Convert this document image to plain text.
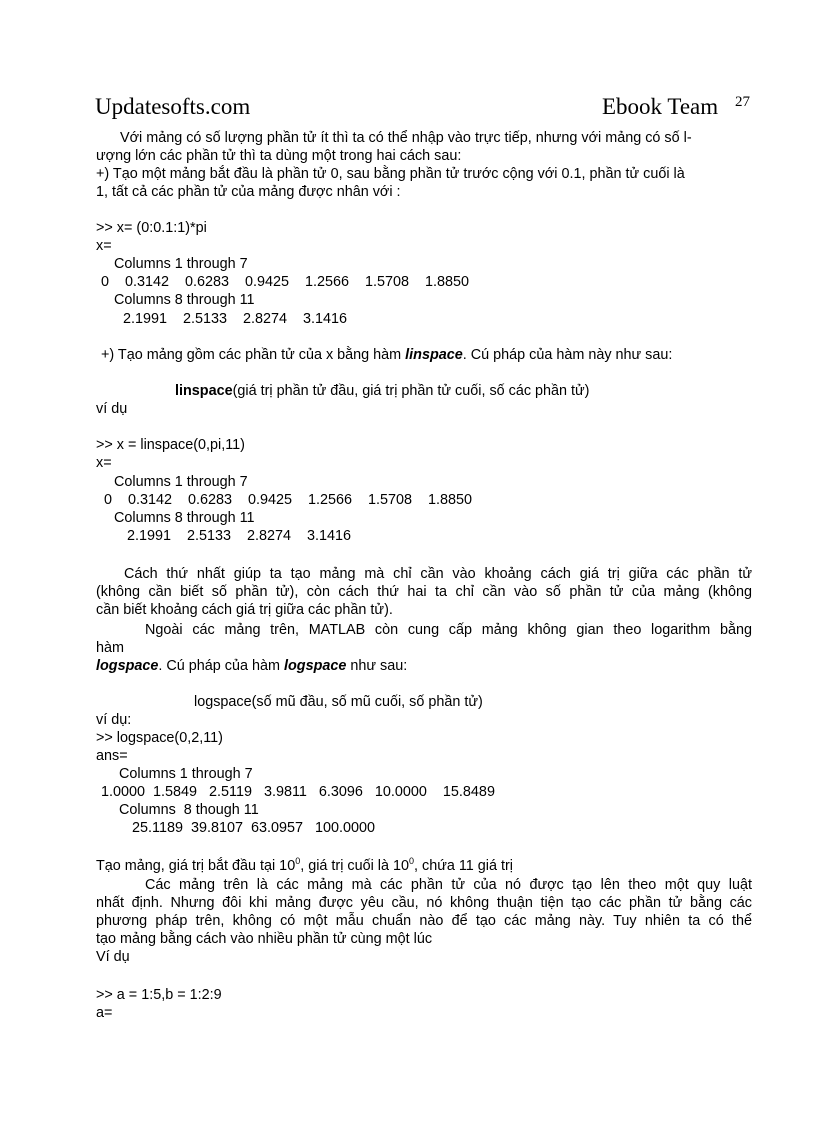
Updatesofts.com	Ebook Team 27
Với mảng có số lượng phần tử ít thì ta có thể nhập vào trực tiếp, nhưng với mảng có số l-
ượng lớn các phần tử thì ta dùng một trong hai cách sau:
+) Tạo một mảng bắt đầu là phần tử 0, sau bằng phần tử trước cộng với 0.1, phần tử cuối là
1, tất cả các phần tử của mảng được nhân với :
>> x= (0:0.1:1)*pi
x=
Columns 1 through 7
0    0.3142    0.6283    0.9425    1.2566    1.5708    1.8850
Columns 8 through 11
2.1991    2.5133    2.8274    3.1416
+) Tạo mảng gồm các phần tử của x bằng hàm linspace. Cú pháp của hàm này như sau:
linspace(giá trị phần tử đầu, giá trị phần tử cuối, số các phần tử)
ví dụ
>> x = linspace(0,pi,11)
x=
Columns 1 through 7
0    0.3142    0.6283    0.9425    1.2566    1.5708    1.8850
Columns 8 through 11
2.1991    2.5133    2.8274    3.1416
Cách thứ nhất giúp ta tạo mảng mà chỉ cần vào khoảng cách giá trị giữa các phần tử
(không cần biết số phần tử), còn cách thứ hai ta chỉ cần vào số phần tử của mảng (không
cần biết khoảng cách giá trị giữa các phần tử).
Ngoài các mảng trên, MATLAB còn cung cấp mảng không gian theo logarithm bằng
hàm
logspace. Cú pháp của hàm logspace như sau:
logspace(số mũ đầu, số mũ cuối, số phần tử)
ví dụ:
>> logspace(0,2,11)
ans=
Columns 1 through 7
1.0000  1.5849   2.5119   3.9811   6.3096   10.0000    15.8489
Columns  8 though 11
25.1189  39.8107  63.0957   100.0000
Tạo mảng, giá trị bắt đầu tại $10^0$, giá trị cuối là $10^0$, chứa 11 giá trị
Các mảng trên là các mảng mà các phần tử của nó được tạo lên theo một quy luật
nhất định. Nhưng đôi khi mảng được yêu cầu, nó không thuận tiện tạo các phần tử bằng các
phương pháp trên, không có một mẫu chuẩn nào để tạo các mảng này. Tuy nhiên ta có thể
tạo mảng bằng cách vào nhiều phần tử cùng một lúc
Ví dụ
>> a = 1:5,b = 1:2:9
a=
